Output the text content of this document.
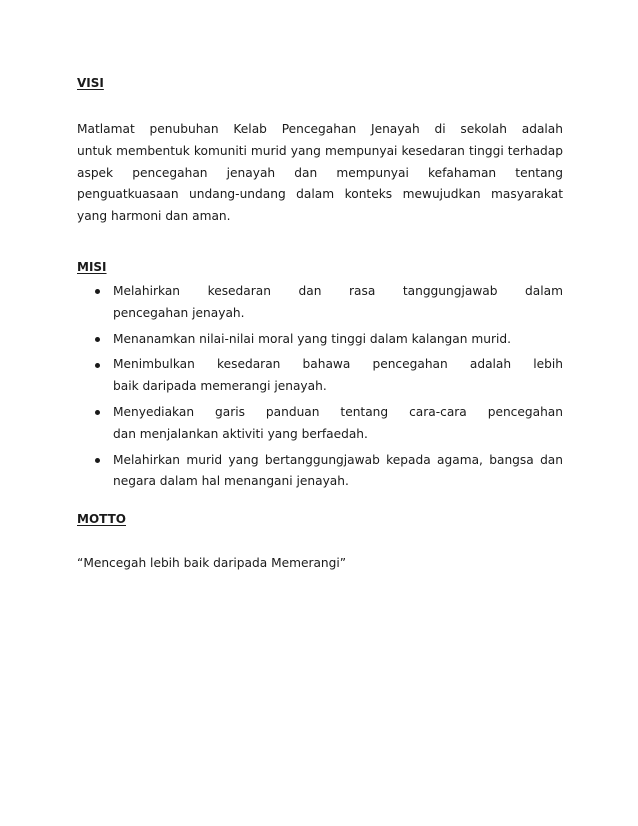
VISI
Matlamat penubuhan Kelab Pencegahan Jenayah di sekolah adalah
untuk membentuk komuniti murid yang mempunyai kesedaran tinggi terhadap
aspek pencegahan jenayah dan mempunyai kefahaman tentang
penguatkuasaan undang-undang dalam konteks mewujudkan masyarakat
yang harmoni dan aman.
MISI
Melahirkan kesedaran dan rasa tanggungjawab dalam
pencegahan jenayah.
Menanamkan nilai-nilai moral yang tinggi dalam kalangan murid.
Menimbulkan kesedaran bahawa pencegahan adalah lebih
baik daripada memerangi jenayah.
Menyediakan garis panduan tentang cara-cara pencegahan
dan menjalankan aktiviti yang berfaedah.
Melahirkan murid yang bertanggungjawab kepada agama, bangsa dan
negara dalam hal menangani jenayah.
MOTTO

“Mencegah lebih baik daripada Memerangi”
